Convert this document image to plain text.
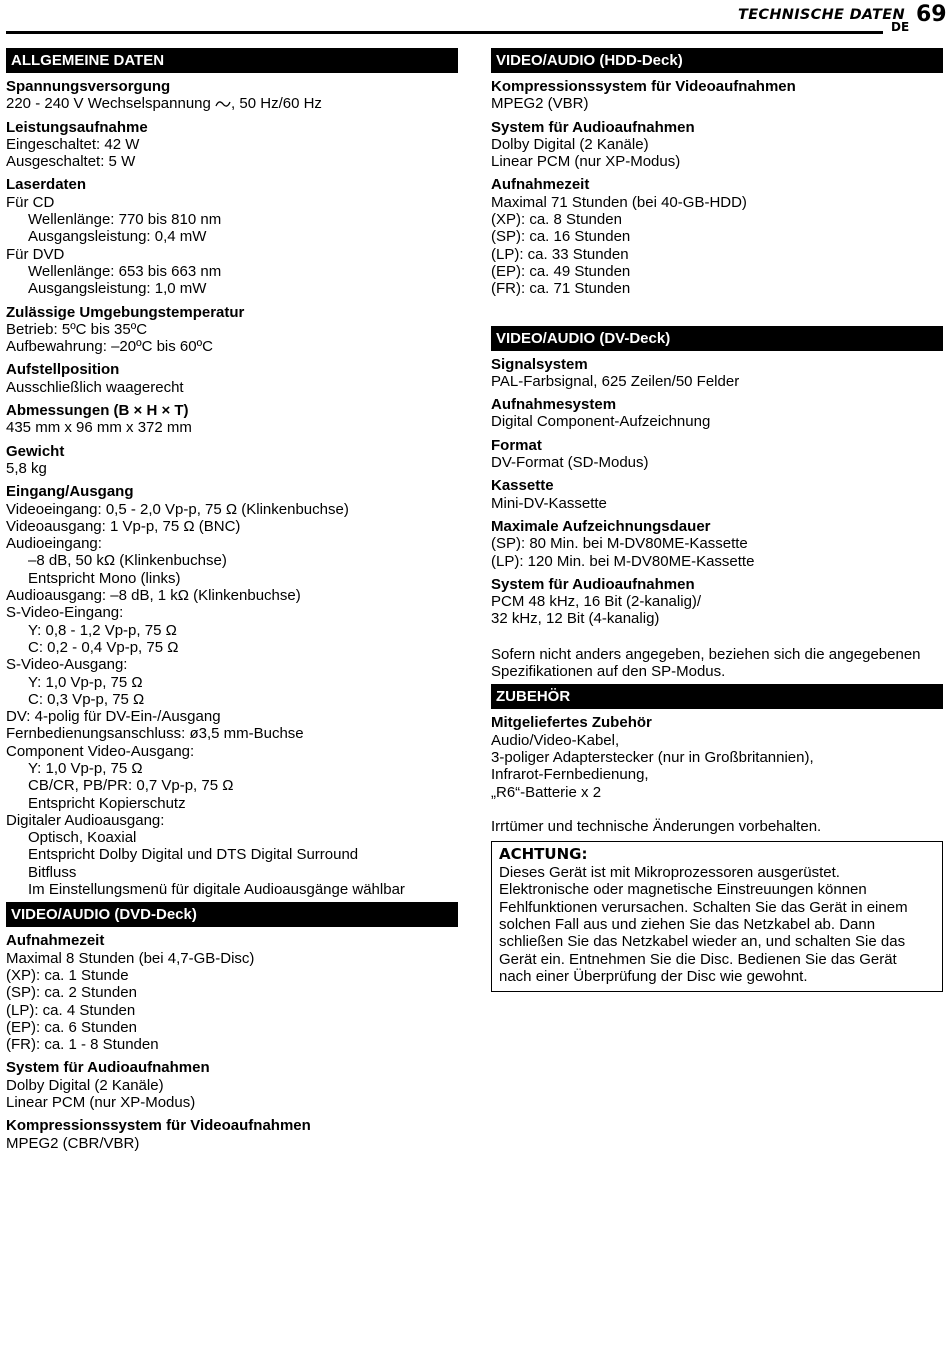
TECHNISCHE DATEN
DE 69
ALLGEMEINE DATEN
Spannungsversorgung
220 - 240 V Wechselspannung , 50 Hz/60 Hz
Leistungsaufnahme
Eingeschaltet: 42 W
Ausgeschaltet: 5 W
Laserdaten
Für CD
Wellenlänge: 770 bis 810 nm
Ausgangsleistung: 0,4 mW
Für DVD
Wellenlänge: 653 bis 663 nm
Ausgangsleistung: 1,0 mW
Zulässige Umgebungstemperatur
Betrieb: 5ºC bis 35ºC
Aufbewahrung: –20ºC bis 60ºC
Aufstellposition
Ausschließlich waagerecht
Abmessungen (B × H × T)
435 mm x 96 mm x 372 mm
Gewicht
5,8 kg
Eingang/Ausgang
Videoeingang: 0,5 - 2,0 Vp-p, 75 Ω (Klinkenbuchse)
Videoausgang: 1 Vp-p, 75 Ω (BNC)
Audioeingang:
–8 dB, 50 kΩ (Klinkenbuchse)
Entspricht Mono (links)
Audioausgang: –8 dB, 1 kΩ (Klinkenbuchse)
S-Video-Eingang:
Y: 0,8 - 1,2 Vp-p, 75 Ω
C: 0,2 - 0,4 Vp-p, 75 Ω
S-Video-Ausgang:
Y: 1,0 Vp-p, 75 Ω
C: 0,3 Vp-p, 75 Ω
DV: 4-polig für DV-Ein-/Ausgang
Fernbedienungsanschluss: ø3,5 mm-Buchse
Component Video-Ausgang:
Y: 1,0 Vp-p, 75 Ω
CB/CR, PB/PR: 0,7 Vp-p, 75 Ω
Entspricht Kopierschutz
Digitaler Audioausgang:
Optisch, Koaxial
Entspricht Dolby Digital und DTS Digital Surround
Bitfluss
Im Einstellungsmenü für digitale Audioausgänge wählbar
VIDEO/AUDIO (DVD-Deck)
Aufnahmezeit
Maximal 8 Stunden (bei 4,7-GB-Disc)
(XP): ca. 1 Stunde
(SP): ca. 2 Stunden
(LP): ca. 4 Stunden
(EP): ca. 6 Stunden
(FR): ca. 1 - 8 Stunden
System für Audioaufnahmen
Dolby Digital (2 Kanäle)
Linear PCM (nur XP-Modus)
Kompressionssystem für Videoaufnahmen
MPEG2 (CBR/VBR)
VIDEO/AUDIO (HDD-Deck)
Kompressionssystem für Videoaufnahmen
MPEG2 (VBR)
System für Audioaufnahmen
Dolby Digital (2 Kanäle)
Linear PCM (nur XP-Modus)
Aufnahmezeit
Maximal 71 Stunden (bei 40-GB-HDD)
(XP): ca. 8 Stunden
(SP): ca. 16 Stunden
(LP): ca. 33 Stunden
(EP): ca. 49 Stunden
(FR): ca. 71 Stunden
VIDEO/AUDIO (DV-Deck)
Signalsystem
PAL-Farbsignal, 625 Zeilen/50 Felder
Aufnahmesystem
Digital Component-Aufzeichnung
Format
DV-Format (SD-Modus)
Kassette
Mini-DV-Kassette
Maximale Aufzeichnungsdauer
(SP): 80 Min. bei M-DV80ME-Kassette
(LP): 120 Min. bei M-DV80ME-Kassette
System für Audioaufnahmen
PCM 48 kHz, 16 Bit (2-kanalig)/
32 kHz, 12 Bit (4-kanalig)
Sofern nicht anders angegeben, beziehen sich die angegebenen
Spezifikationen auf den SP-Modus.
ZUBEHÖR
Mitgeliefertes Zubehör
Audio/Video-Kabel,
3-poliger Adapterstecker (nur in Großbritannien),
Infrarot-Fernbedienung,
„R6“-Batterie x 2
Irrtümer und technische Änderungen vorbehalten.
ACHTUNG:
Dieses Gerät ist mit Mikroprozessoren ausgerüstet.
Elektronische oder magnetische Einstreuungen können
Fehlfunktionen verursachen. Schalten Sie das Gerät in einem
solchen Fall aus und ziehen Sie das Netzkabel ab. Dann
schließen Sie das Netzkabel wieder an, und schalten Sie das
Gerät ein. Entnehmen Sie die Disc. Bedienen Sie das Gerät
nach einer Überprüfung der Disc wie gewohnt.
